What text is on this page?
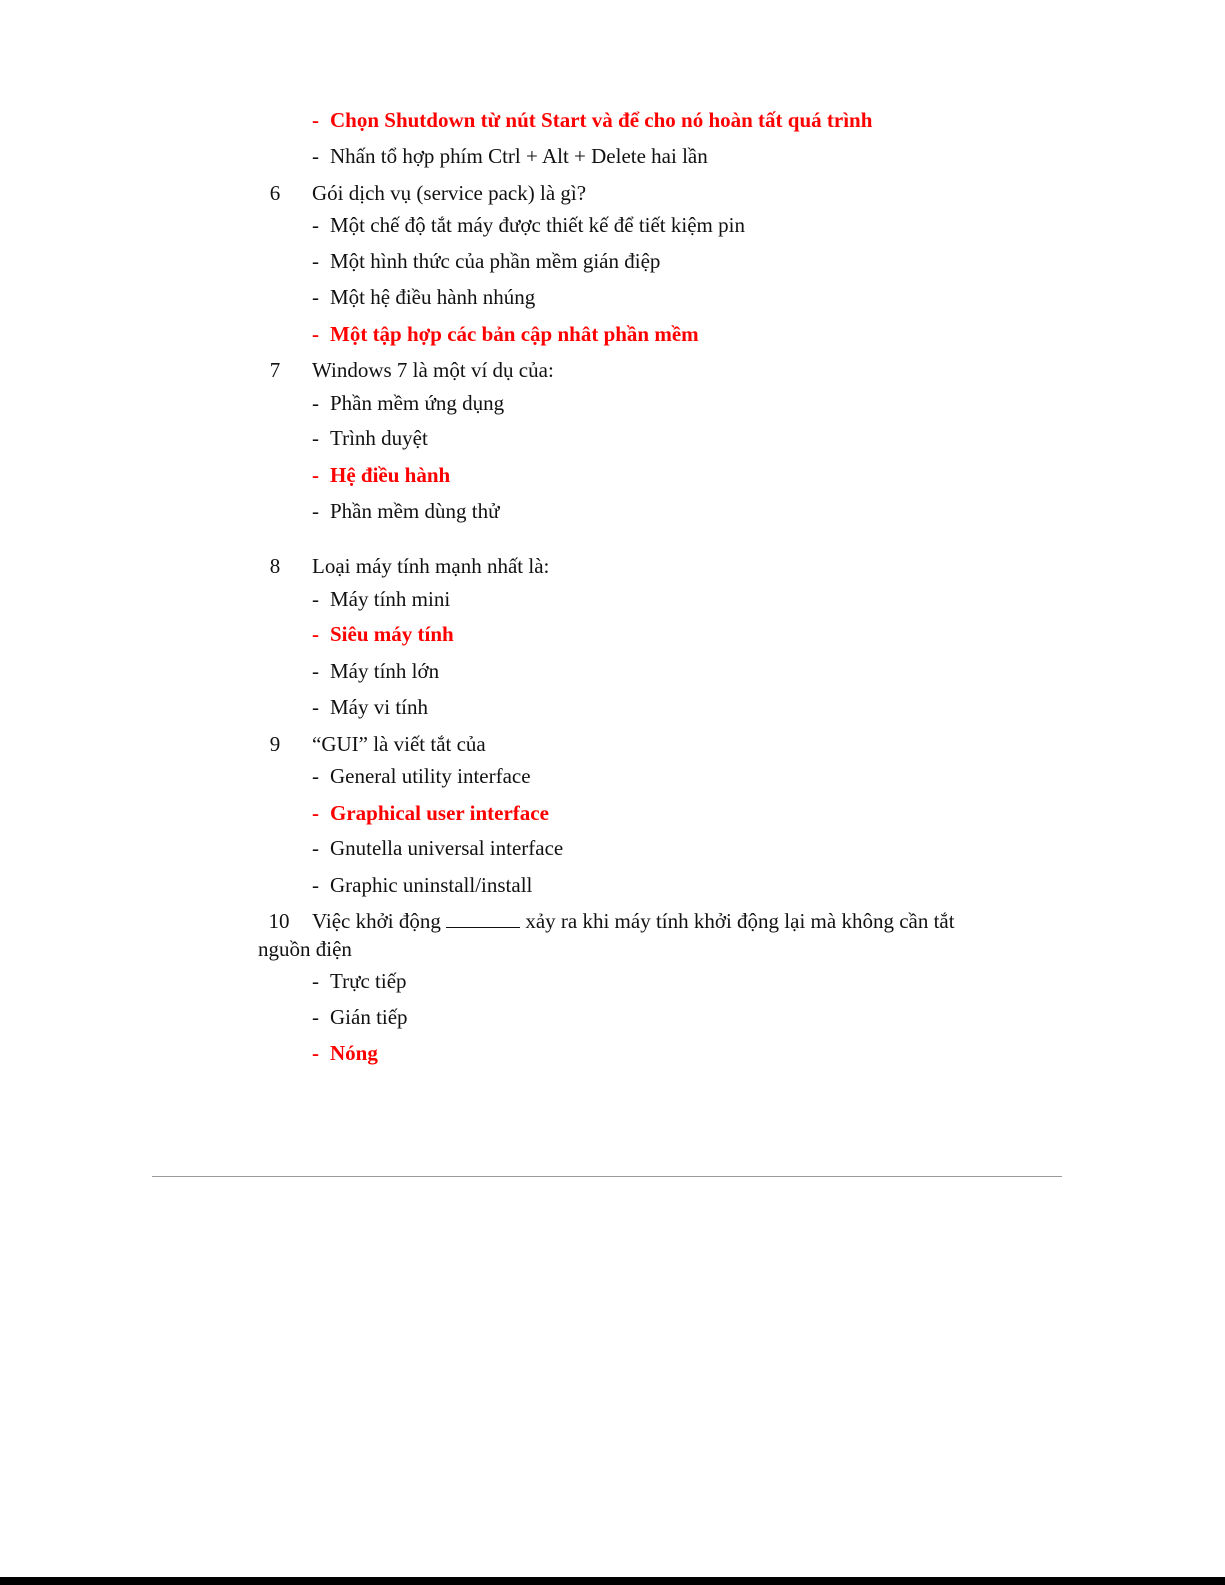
- Chọn Shutdown từ nút Start và để cho nó hoàn tất quá trình
- Nhấn tổ hợp phím Ctrl + Alt + Delete hai lần
6	Gói dịch vụ (service pack) là gì?
- Một chế độ tắt máy được thiết kế để tiết kiệm pin
- Một hình thức của phần mềm gián điệp
- Một hệ điều hành nhúng
- Một tập hợp các bản cập nhât phần mềm
7	Windows 7 là một ví dụ của:
- Phần mềm ứng dụng
- Trình duyệt
- Hệ điều hành
- Phần mềm dùng thử
8	Loại máy tính mạnh nhất là:
- Máy tính mini
- Siêu máy tính
- Máy tính lớn
- Máy vi tính
9	“GUI” là viết tắt của
- General utility interface
- Graphical user interface
- Gnutella universal interface
- Graphic uninstall/install
10	Việc khởi động	xảy ra khi máy tính khởi động lại mà không cần tắt
nguồn điện
- Trực tiếp
- Gián tiếp
- Nóng
